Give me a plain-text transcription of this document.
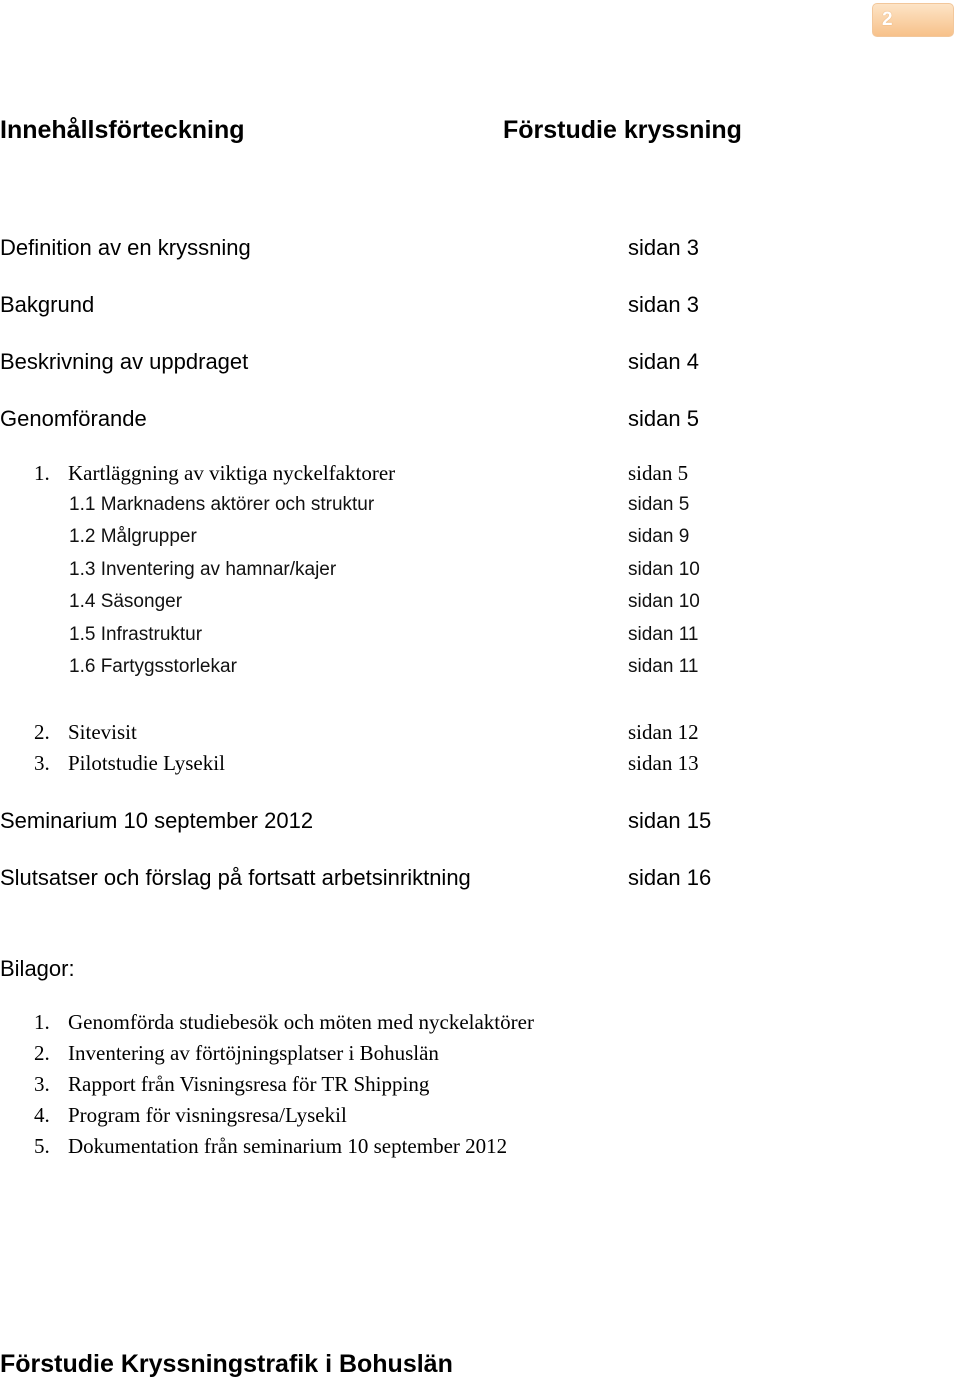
2
Innehållsförteckning	Förstudie kryssning
Definition av en kryssning	sidan 3
Bakgrund	sidan 3
Beskrivning av uppdraget	sidan 4
Genomförande	sidan 5
1. Kartläggning av viktiga nyckelfaktorer	sidan 5
1.1 Marknadens aktörer och struktur	sidan 5
1.2 Målgrupper	sidan 9
1.3 Inventering av hamnar/kajer	sidan 10
1.4 Säsonger	sidan 10
1.5 Infrastruktur	sidan 11
1.6 Fartygsstorlekar	sidan 11
2. Sitevisit	sidan 12
3. Pilotstudie Lysekil	sidan 13
Seminarium 10 september 2012	sidan 15
Slutsatser och förslag på fortsatt arbetsinriktning	sidan 16
Bilagor:
1. Genomförda studiebesök och möten med nyckelaktörer
2. Inventering av förtöjningsplatser i Bohuslän
3. Rapport från Visningsresa för TR Shipping
4. Program för visningsresa/Lysekil
5. Dokumentation från seminarium 10 september 2012
Förstudie Kryssningstrafik i Bohuslän
